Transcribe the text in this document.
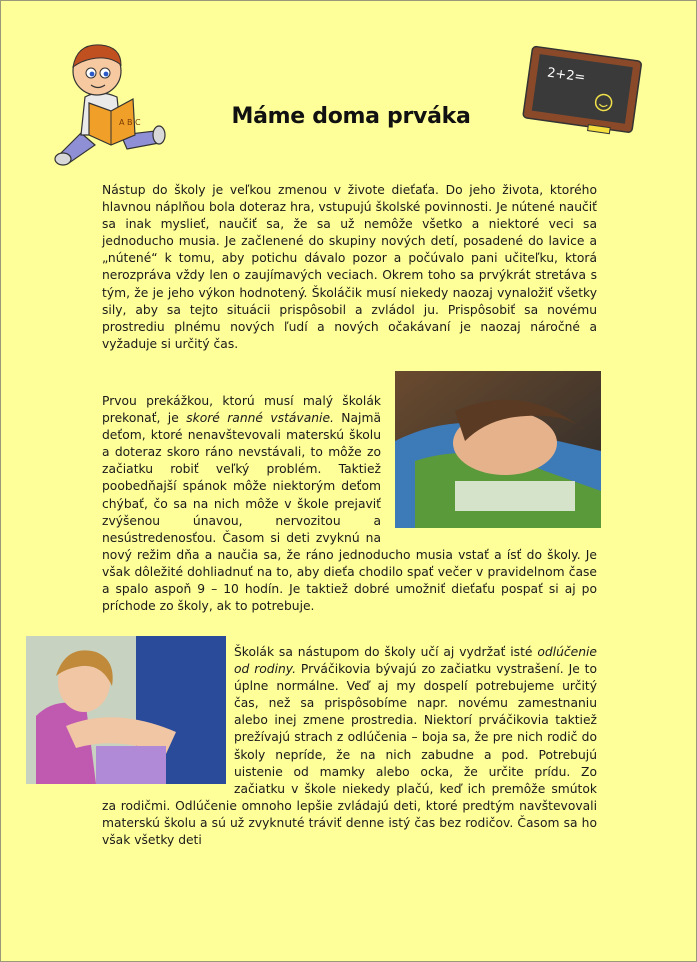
A B C	Máme doma prváka
2+2=

Nástup do školy je veľkou zmenou v živote dieťaťa. Do jeho života, ktorého hlavnou náplňou bola doteraz hra, vstupujú školské povinnosti. Je nútené naučiť sa inak myslieť, naučiť sa, že sa už nemôže všetko a niektoré veci sa jednoducho musia. Je začlenené do skupiny nových detí, posadené do lavice a „nútené“ k tomu, aby potichu dávalo pozor a počúvalo pani učiteľku, ktorá nerozpráva vždy len o zaujímavých veciach. Okrem toho sa prvýkrát stretáva s tým, že je jeho výkon hodnotený. Školáčik musí niekedy naozaj vynaložiť všetky sily, aby sa tejto situácii prispôsobil a zvládol ju. Prispôsobiť sa novému prostrediu plnému nových ľudí a nových očakávaní je naozaj náročné a vyžaduje si určitý čas.

Prvou prekážkou, ktorú musí malý školák prekonať, je skoré ranné vstávanie. Najmä deťom, ktoré nenavštevovali materskú školu a doteraz skoro ráno nevstávali, to môže zo začiatku robiť veľký problém. Taktiež poobedňajší spánok môže niektorým deťom chýbať, čo sa na nich môže v škole prejaviť zvýšenou únavou, nervozitou a nesústredenosťou. Časom si deti zvyknú na nový režim dňa a naučia sa, že ráno jednoducho musia vstať a ísť do školy. Je však dôležité dohliadnuť na to, aby dieťa chodilo spať večer v pravidelnom čase a spalo aspoň 9 – 10 hodín. Je taktiež dobré umožniť dieťaťu pospať si aj po príchode zo školy, ak to potrebuje.

Školák sa nástupom do školy učí aj vydržať isté odlúčenie od rodiny. Prváčikovia bývajú zo začiatku vystrašení. Je to úplne normálne. Veď aj my dospelí potrebujeme určitý čas, než sa prispôsobíme napr. novému zamestnaniu alebo inej zmene prostredia. Niektorí prváčikovia taktiež prežívajú strach z odlúčenia – boja sa, že pre nich rodič do školy nepríde, že na nich zabudne a pod. Potrebujú uistenie od mamky alebo ocka, že určite prídu. Zo začiatku v škole niekedy plačú, keď ich premôže smútok za rodičmi. Odlúčenie omnoho lepšie zvládajú deti, ktoré predtým navštevovali materskú školu a sú už zvyknuté tráviť denne istý čas bez rodičov. Časom sa ho však všetky deti
